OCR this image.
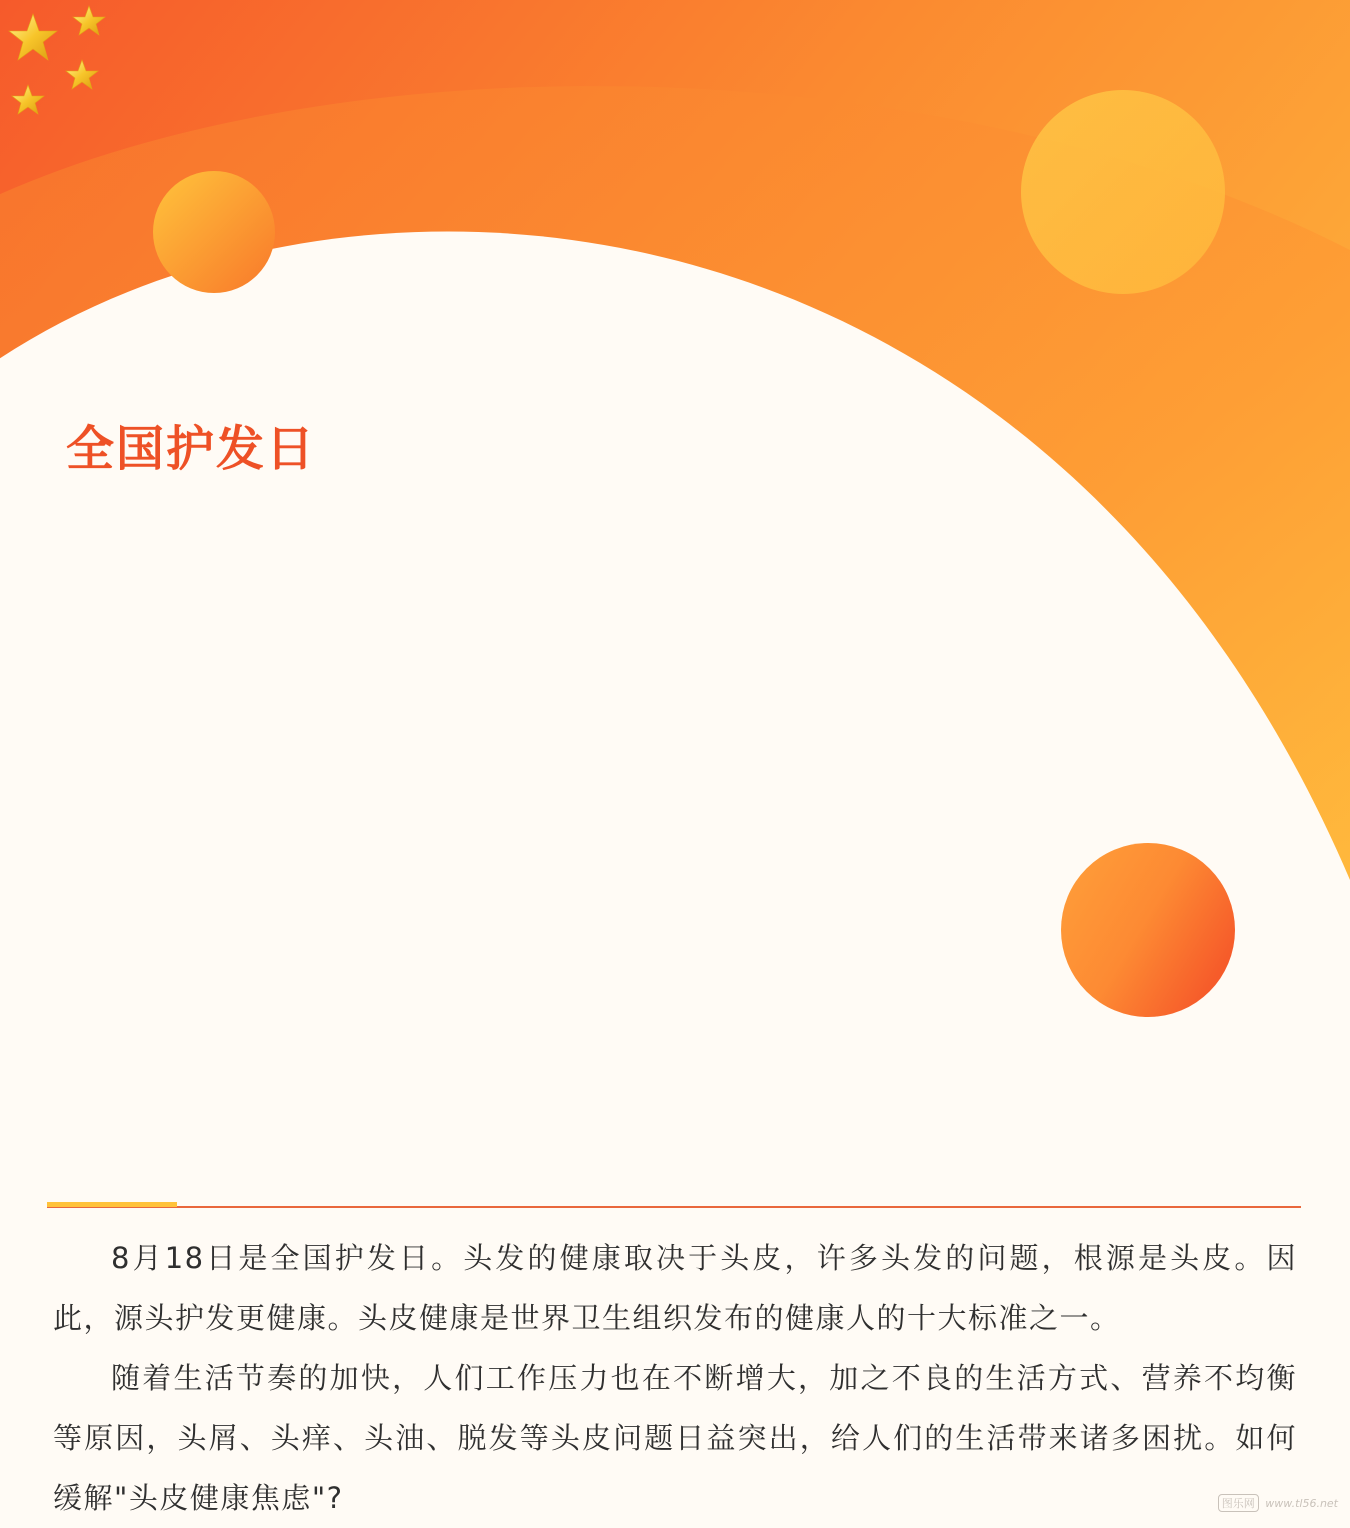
全国护发日

8月18日是全国护发日。头发的健康取决于头皮，许多头发的问题，根源是头皮。因此，源头护发更健康。头皮健康是世界卫生组织发布的健康人的十大标准之一。

随着生活节奏的加快，人们工作压力也在不断增大，加之不良的生活方式、营养不均衡等原因，头屑、头痒、头油、脱发等头皮问题日益突出，给人们的生活带来诸多困扰。如何缓解"头皮健康焦虑"?	图乐网 www.tl56.net
